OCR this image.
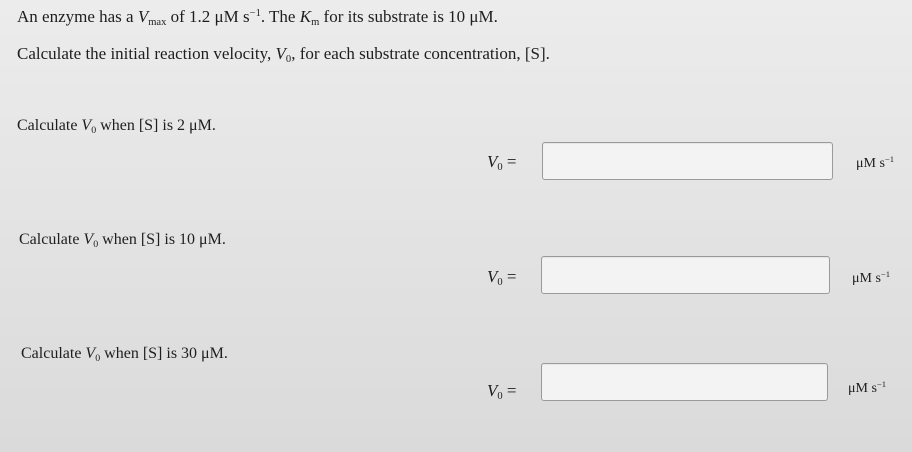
An enzyme has a $V_{max}$ of 1.2 μM $s^{-1}$. The $K_m$ for its substrate is 10 μM.
Calculate the initial reaction velocity, $V_0$, for each substrate concentration, [S].
Calculate $V_0$ when [S] is 2 μM.
$V_0$ =	μM $s^{-1}$
Calculate $V_0$ when [S] is 10 μM.
$V_0$ =	μM $s^{-1}$
Calculate $V_0$ when [S] is 30 μM.
$V_0$ =	μM $s^{-1}$
